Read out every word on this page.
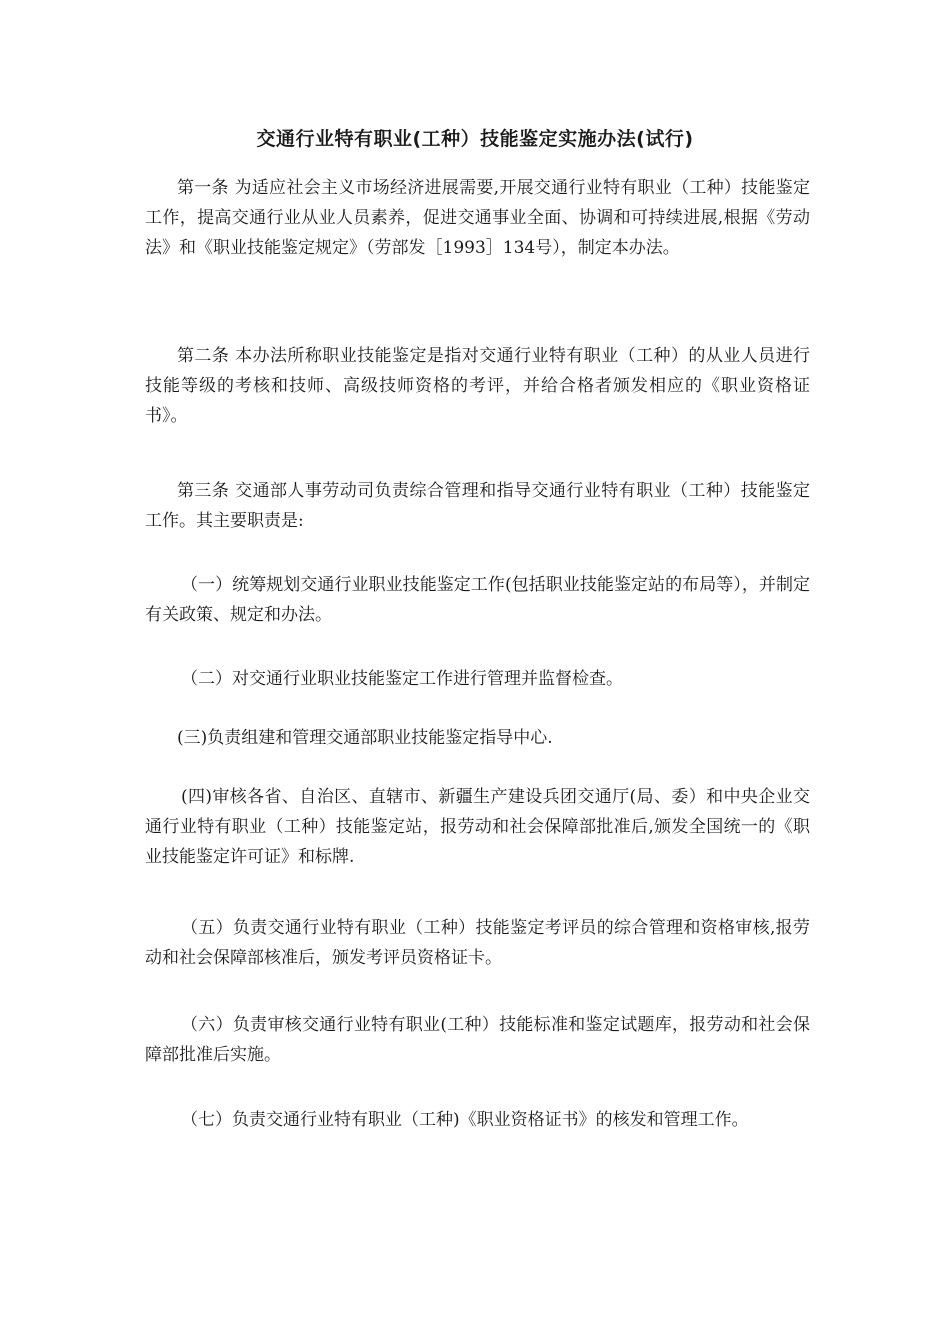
交通行业特有职业(工种）技能鉴定实施办法(试行)

第一条 为适应社会主义市场经济进展需要,开展交通行业特有职业（工种）技能鉴定工作，提高交通行业从业人员素养，促进交通事业全面、协调和可持续进展,根据《劳动法》和《职业技能鉴定规定》（劳部发［1993］134号），制定本办法。

第二条 本办法所称职业技能鉴定是指对交通行业特有职业（工种）的从业人员进行技能等级的考核和技师、高级技师资格的考评，并给合格者颁发相应的《职业资格证书》。

第三条 交通部人事劳动司负责综合管理和指导交通行业特有职业（工种）技能鉴定工作。其主要职责是:

（一）统筹规划交通行业职业技能鉴定工作(包括职业技能鉴定站的布局等），并制定有关政策、规定和办法。

（二）对交通行业职业技能鉴定工作进行管理并监督检查。

(三)负责组建和管理交通部职业技能鉴定指导中心.

(四)审核各省、自治区、直辖市、新疆生产建设兵团交通厅(局、委）和中央企业交通行业特有职业（工种）技能鉴定站，报劳动和社会保障部批准后,颁发全国统一的《职业技能鉴定许可证》和标牌.

（五）负责交通行业特有职业（工种）技能鉴定考评员的综合管理和资格审核,报劳动和社会保障部核准后，颁发考评员资格证卡。

（六）负责审核交通行业特有职业(工种）技能标准和鉴定试题库，报劳动和社会保障部批准后实施。

（七）负责交通行业特有职业（工种)《职业资格证书》的核发和管理工作。
